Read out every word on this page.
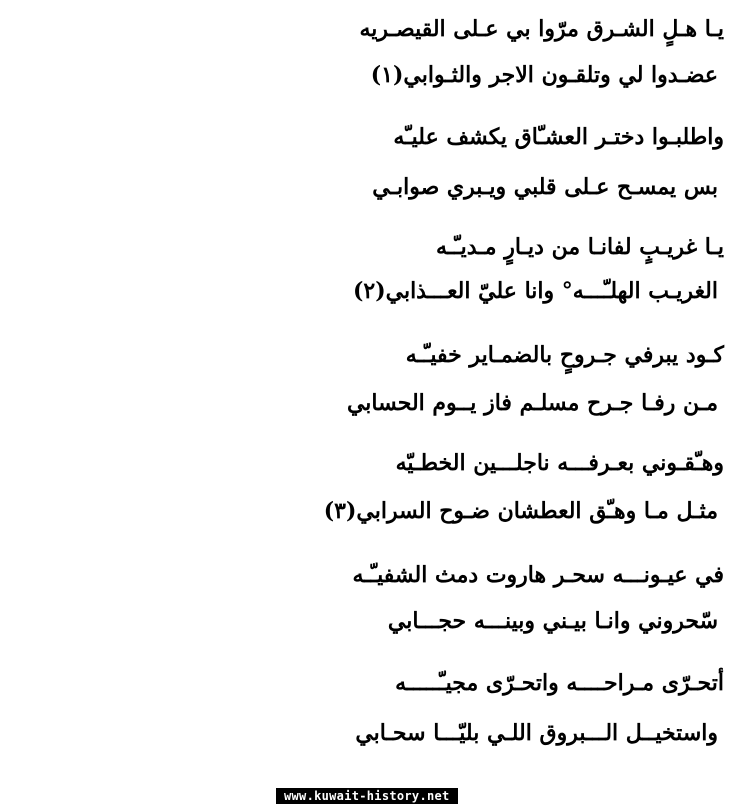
يـا هـلٍ الشـرق مرّوا بي عـلى القيصـريه
عضـدوا لي وتلقـون الاجر والثـوابي(١)
واطلبـوا دختـر العشـّاق يكشف عليـّه
بس يمسـح عـلى قلبي ويـبري صوابـي
يـا غريـبٍ لفانـا من ديـارٍ مـديـّـه
الغريـب الهلـّـــه° وانا عليّ العـــذابي(٢)
كـود يبرفي جـروحٍ بالضمـاير خفيـّـه
مـن رفـا جـرح مسلـم فاز يــوم الحسابي
وهـّقـوني بعـرفـــه ناجلـــين الخطـيّه
مثـل مـا وهـّق العطشان ضـوح السرابي(٣)
في عيـونـــه سحـر هاروت دمث الشفيـّـه
سّحروني وانـا بيـني وبينـــه حجـــابي
أتحـرّى مـراحــــه واتحـرّى مجيـّـــــه
واستخيــل الـــبروق اللـي بليّـــا سحـابي
www.kuwait-history.net
